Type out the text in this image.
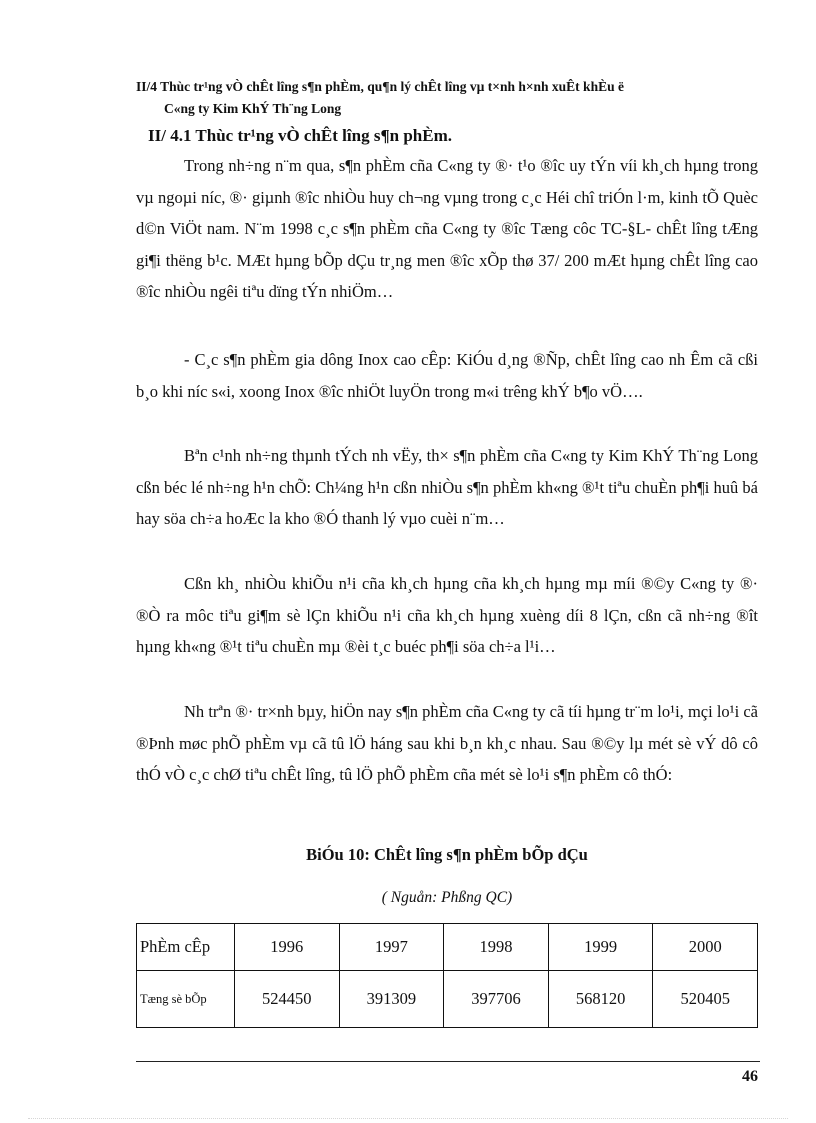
II/4 Thùc tr¹ng vÒ chÊt lîng s¶n phÈm, qu¶n lý chÊt lîng vµ t×nh h×nh xuÊt khÈu ë
C«ng ty Kim KhÝ Th¨ng Long
II/ 4.1 Thùc tr¹ng vÒ chÊt lîng s¶n phÈm.

Trong nh÷ng n¨m qua, s¶n phÈm cña C«ng ty ®· t¹o ®îc uy tÝn víi kh¸ch hµng trong vµ ngoµi níc, ®· giµnh ®îc nhiÒu huy ch¬ng vµng trong c¸c Héi chî triÓn l·m, kinh tÕ Quèc d©n ViÖt nam. N¨m 1998 c¸c s¶n phÈm cña C«ng ty ®îc Tæng côc TC-§L- chÊt lîng tÆng gi¶i thëng b¹c. MÆt hµng bÕp dÇu tr¸ng men ®îc xÕp thø 37/ 200 mÆt hµng chÊt lîng cao ®îc nhiÒu ngêi tiªu dïng tÝn nhiÖm…

- C¸c s¶n phÈm gia dông Inox cao cÊp: KiÓu d¸ng ®Ñp, chÊt lîng cao nh Êm cã cßi b¸o khi níc s«i, xoong Inox ®îc nhiÖt luyÖn trong m«i trêng khÝ b¶o vÖ….

Bªn c¹nh nh÷ng thµnh tÝch nh vËy, th× s¶n phÈm cña C«ng ty Kim KhÝ Th¨ng Long cßn béc lé nh÷ng h¹n chÕ: Ch¼ng h¹n cßn nhiÒu s¶n phÈm kh«ng ®¹t tiªu chuÈn ph¶i huû bá hay söa ch÷a hoÆc la kho ®Ó thanh lý vµo cuèi n¨m…

Cßn kh¸ nhiÒu khiÕu n¹i cña kh¸ch hµng cña kh¸ch hµng mµ míi ®©y C«ng ty ®· ®Ò ra môc tiªu gi¶m sè lÇn khiÕu n¹i cña kh¸ch hµng xuèng díi 8 lÇn, cßn cã nh÷ng ®ît hµng kh«ng ®¹t tiªu chuÈn mµ ®èi t¸c buéc ph¶i söa ch÷a l¹i…

Nh trªn ®· tr×nh bµy, hiÖn nay s¶n phÈm cña C«ng ty cã tíi hµng tr¨m lo¹i, mçi lo¹i cã ®Þnh møc phÕ phÈm vµ cã tû lÖ háng sau khi b¸n kh¸c nhau. Sau ®©y lµ mét sè vÝ dô cô thÓ vÒ c¸c chØ tiªu chÊt lîng, tû lÖ phÕ phÈm cña mét sè lo¹i s¶n phÈm cô thÓ:

BiÓu 10: ChÊt lîng s¶n phÈm bÕp dÇu
( Nguån: Phßng QC)
PhÈm cÊp	1996	1997	1998	1999	2000
Tæng sè bÕp	524450	391309	397706	568120	520405
46
